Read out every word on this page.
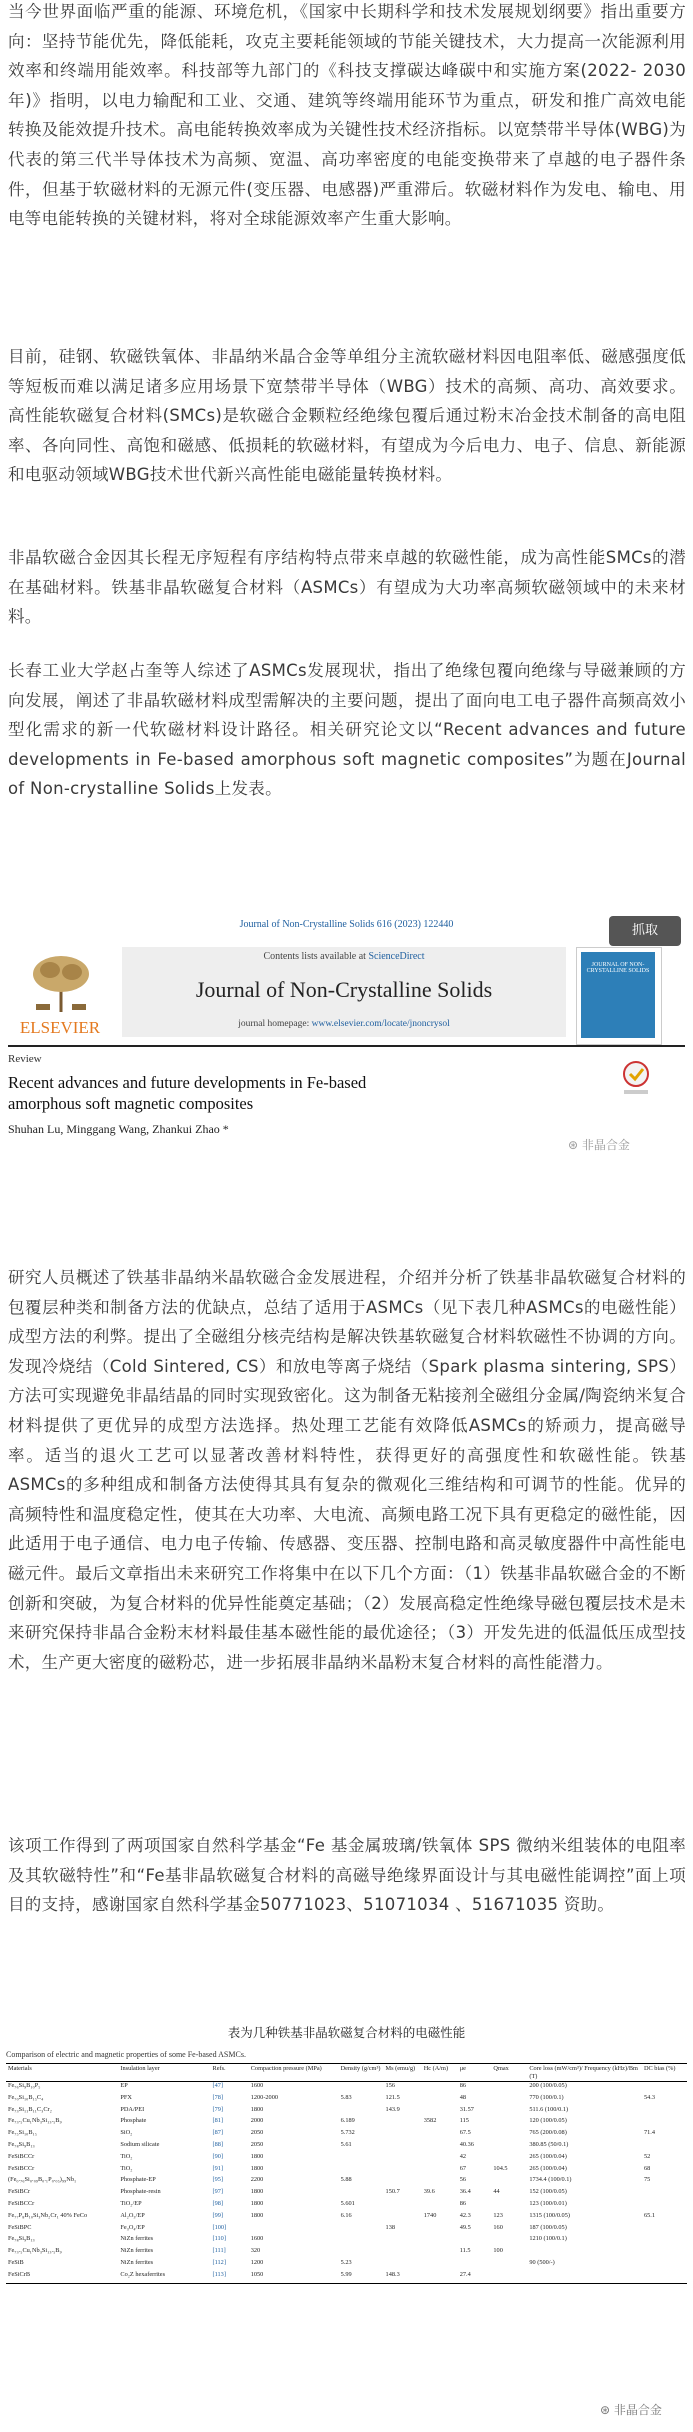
当今世界面临严重的能源、环境危机，《国家中长期科学和技术发展规划纲要》指出重要方向：坚持节能优先，降低能耗，攻克主要耗能领域的节能关键技术，大力提高一次能源利用效率和终端用能效率。科技部等九部门的《科技支撑碳达峰碳中和实施方案(2022- 2030年)》指明，以电力输配和工业、交通、建筑等终端用能环节为重点，研发和推广高效电能转换及能效提升技术。高电能转换效率成为关键性技术经济指标。以宽禁带半导体(WBG)为代表的第三代半导体技术为高频、宽温、高功率密度的电能变换带来了卓越的电子器件条件，但基于软磁材料的无源元件(变压器、电感器)严重滞后。软磁材料作为发电、输电、用电等电能转换的关键材料，将对全球能源效率产生重大影响。
目前，硅钢、软磁铁氧体、非晶纳米晶合金等单组分主流软磁材料因电阻率低、磁感强度低等短板而难以满足诸多应用场景下宽禁带半导体（WBG）技术的高频、高功、高效要求。高性能软磁复合材料(SMCs)是软磁合金颗粒经绝缘包覆后通过粉末冶金技术制备的高电阻率、各向同性、高饱和磁感、低损耗的软磁材料，有望成为今后电力、电子、信息、新能源和电驱动领域WBG技术世代新兴高性能电磁能量转换材料。
非晶软磁合金因其长程无序短程有序结构特点带来卓越的软磁性能，成为高性能SMCs的潜在基础材料。铁基非晶软磁复合材料（ASMCs）有望成为大功率高频软磁领域中的未来材料。
长春工业大学赵占奎等人综述了ASMCs发展现状，指出了绝缘包覆向绝缘与导磁兼顾的方向发展，阐述了非晶软磁材料成型需解决的主要问题，提出了面向电工电子器件高频高效小型化需求的新一代软磁材料设计路径。相关研究论文以“Recent advances and future developments in Fe-based amorphous soft magnetic composites”为题在Journal of Non-crystalline Solids上发表。
Journal of Non-Crystalline Solids 616 (2023) 122440	抓取
ELSEVIER
Contents lists available at ScienceDirect
Journal of Non-Crystalline Solids
journal homepage: www.elsevier.com/locate/jnoncrysol
JOURNAL OF NON-CRYSTALLINE SOLIDS
Review
Recent advances and future developments in Fe-based amorphous soft magnetic composites
Shuhan Lu, Minggang Wang, Zhankui Zhao *
⊛ 非晶合金
研究人员概述了铁基非晶纳米晶软磁合金发展进程，介绍并分析了铁基非晶软磁复合材料的包覆层种类和制备方法的优缺点，总结了适用于ASMCs（见下表几种ASMCs的电磁性能）成型方法的利弊。提出了全磁组分核壳结构是解决铁基软磁复合材料软磁性不协调的方向。发现冷烧结（Cold Sintered, CS）和放电等离子烧结（Spark plasma sintering, SPS）方法可实现避免非晶结晶的同时实现致密化。这为制备无粘接剂全磁组分金属/陶瓷纳米复合材料提供了更优异的成型方法选择。热处理工艺能有效降低ASMCs的矫顽力，提高磁导率。适当的退火工艺可以显著改善材料特性，获得更好的高强度性和软磁性能。铁基ASMCs的多种组成和制备方法使得其具有复杂的微观化三维结构和可调节的性能。优异的高频特性和温度稳定性，使其在大功率、大电流、高频电路工况下具有更稳定的磁性能，因此适用于电子通信、电力电子传输、传感器、变压器、控制电路和高灵敏度器件中高性能电磁元件。最后文章指出未来研究工作将集中在以下几个方面：（1）铁基非晶软磁合金的不断创新和突破，为复合材料的优异性能奠定基础；（2）发展高稳定性绝缘导磁包覆层技术是未来研究保持非晶合金粉末材料最佳基本磁性能的最优途径；（3）开发先进的低温低压成型技术，生产更大密度的磁粉芯，进一步拓展非晶纳米晶粉末复合材料的高性能潜力。
该项工作得到了两项国家自然科学基金“Fe 基金属玻璃/铁氧体 SPS 微纳米组装体的电阻率及其软磁特性”和“Fe基非晶软磁复合材料的高磁导绝缘界面设计与其电磁性能调控”面上项目的支持，感谢国家自然科学基金50771023、51071034 、51671035 资助。
表为几种铁基非晶软磁复合材料的电磁性能
Comparison of electric and magnetic properties of some Fe-based ASMCs.
Materials	Insulation layer	Refs.	Compaction pressure (MPa)	Density (g/cm³)	Ms (emu/g)	Hc (A/m)	μe	Qmax	Core loss (mW/cm³)/ Frequency (kHz)/Bm (T)	DC bias (%)
Fe₇₆Si₉B₁₀P₅	EP	[47]	1600		156		86		200 (100/0.05)	
Fe₇₀Si₁₀B₁₅C₄	PFX	[78]	1200-2000	5.83	121.5		48		770 (100/0.1)	54.3
Fe₇₃Si₁₁B₁₁C₃Cr₂	PDA/PEI	[79]	1800		143.9		31.57		511.6 (100/0.1)	
Fe₇₃.₅Cu₁Nb₃Si₁₃.₅B₉	Phosphate	[81]	2000	6.189		3582	115		120 (100/0.05)	
Fe₇₅Si₁₀B₁₅	SiO₂	[87]	2050	5.732			67.5		765 (200/0.08)	71.4
Fe₇₈Si₉B₁₃	Sodium silicate	[88]	2050	5.61			40.36		380.85 (50/0.1)	
FeSiBCCr	TiO₂	[90]	1800				42		265 (100/0.04)	52
FeSiBCCr	TiO₂	[91]	1800				67	104.5	265 (100/0.04)	68
(Fe₀.₇₆Si₀.₀₉B₀.₁P₀.₀₅)₉₉Nb₁	Phosphate-EP	[95]	2200	5.88			56		1734.4 (100/0.1)	75
FeSiBCr	Phosphate-resin	[97]	1800		150.7	39.6	36.4	44	152 (100/0.05)	
FeSiBCCr	TiO₂/EP	[98]	1800	5.601			86		123 (100/0.01)	
Fe₇₇P₈B₁₀Si₃Nb₂Cr₁ 40% FeCo	Al₂O₃/EP	[99]	1800	6.16		1740	42.3	123	1315 (100/0.05)	65.1
FeSiBPC	Fe₃O₄/EP	[100]			138		49.5	160	187 (100/0.05)	
Fe₇₈Si₉B₁₃	NiZn ferrites	[110]	1600						1210 (100/0.1)	
Fe₇₃.₅Cu₁Nb₃Si₁₃.₅B₉	NiZn ferrites	[111]	320				11.5	100		
FeSiB	NiZn ferrites	[112]	1200	5.23					90 (500/-)	
FeSiCrB	Co₂Z hexaferrites	[113]	1050	5.99	148.3		27.4			
⊛ 非晶合金
